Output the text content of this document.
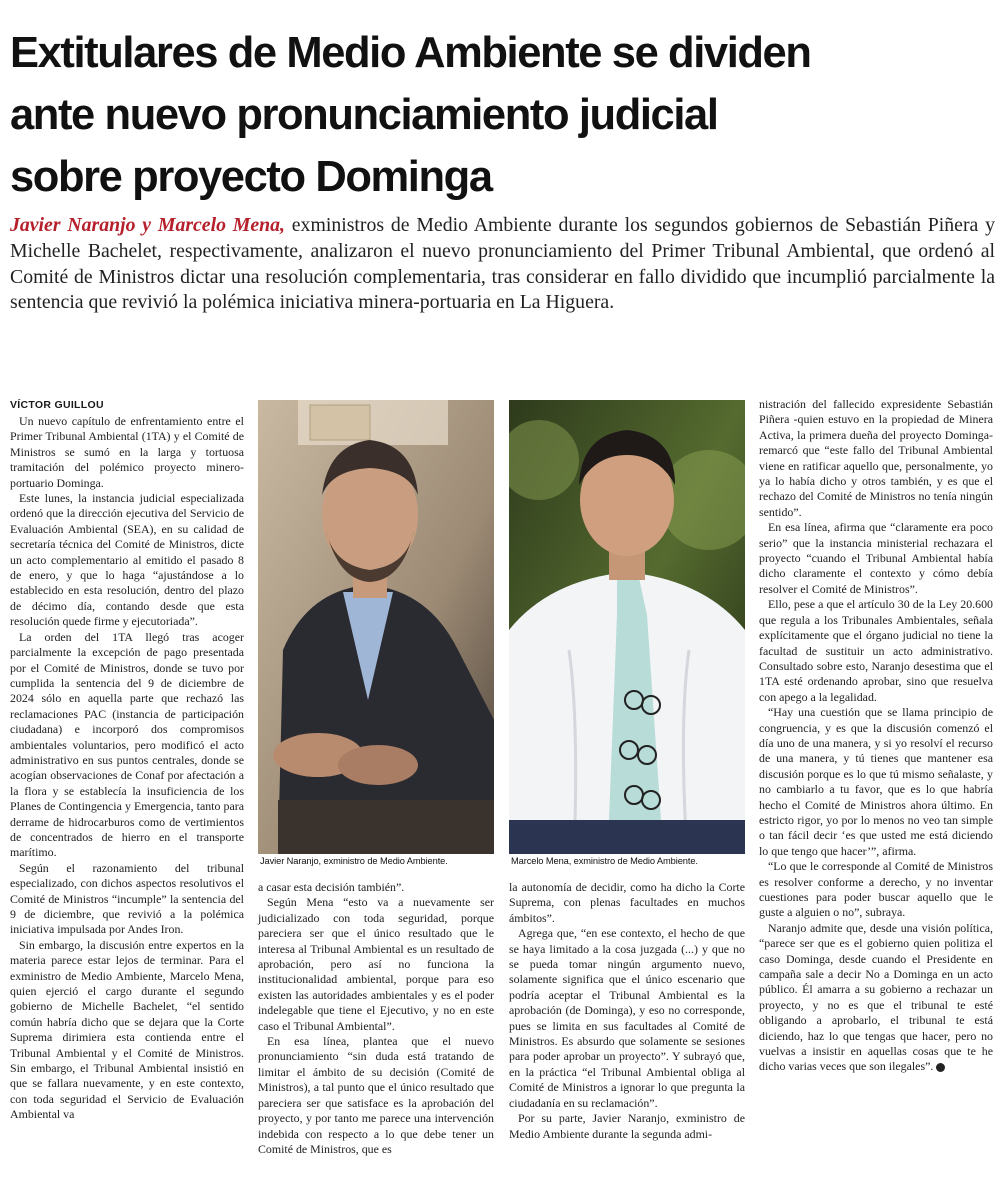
Extitulares de Medio Ambiente se dividen
ante nuevo pronunciamiento judicial
sobre proyecto Dominga

Javier Naranjo y Marcelo Mena, exministros de Medio Ambiente durante los segundos gobiernos de Sebastián Piñera y Michelle Bachelet, respectivamente, analizaron el nuevo pronunciamiento del Primer Tribunal Ambiental, que ordenó al Comité de Ministros dictar una resolución complementaria, tras considerar en fallo dividido que incumplió parcialmente la sentencia que revivió la polémica iniciativa minera-portuaria en La Higuera.

VÍCTOR GUILLOU

Un nuevo capítulo de enfrentamiento entre el Primer Tribunal Ambiental (1TA) y el Comité de Ministros se sumó en la larga y tortuosa tramitación del polémico proyecto minero-portuario Dominga.

Este lunes, la instancia judicial especializada ordenó que la dirección ejecutiva del Servicio de Evaluación Ambiental (SEA), en su calidad de secretaría técnica del Comité de Ministros, dicte un acto complementario al emitido el pasado 8 de enero, y que lo haga “ajustándose a lo establecido en esta resolución, dentro del plazo de décimo día, contando desde que esta resolución quede firme y ejecutoriada”.

La orden del 1TA llegó tras acoger parcialmente la excepción de pago presentada por el Comité de Ministros, donde se tuvo por cumplida la sentencia del 9 de diciembre de 2024 sólo en aquella parte que rechazó las reclamaciones PAC (instancia de participación ciudadana) e incorporó dos compromisos ambientales voluntarios, pero modificó el acto administrativo en sus puntos centrales, donde se acogían observaciones de Conaf por afectación a la flora y se establecía la insuficiencia de los Planes de Contingencia y Emergencia, tanto para derrame de hidrocarburos como de vertimientos de concentrados de hierro en el transporte marítimo.

Según el razonamiento del tribunal especializado, con dichos aspectos resolutivos el Comité de Ministros “incumple” la sentencia del 9 de diciembre, que revivió a la polémica iniciativa impulsada por Andes Iron.

Sin embargo, la discusión entre expertos en la materia parece estar lejos de terminar. Para el exministro de Medio Ambiente, Marcelo Mena, quien ejerció el cargo durante el segundo gobierno de Michelle Bachelet, “el sentido común habría dicho que se dejara que la Corte Suprema dirimiera esta contienda entre el Tribunal Ambiental y el Comité de Ministros. Sin embargo, el Tribunal Ambiental insistió en que se fallara nuevamente, y en este contexto, con toda seguridad el Servicio de Evaluación Ambiental va

Javier Naranjo, exministro de Medio Ambiente.	Marcelo Mena, exministro de Medio Ambiente.

a casar esta decisión también”.

Según Mena “esto va a nuevamente ser judicializado con toda seguridad, porque pareciera ser que el único resultado que le interesa al Tribunal Ambiental es un resultado de aprobación, pero así no funciona la institucionalidad ambiental, porque para eso existen las autoridades ambientales y es el poder indelegable que tiene el Ejecutivo, y no en este caso el Tribunal Ambiental”.

En esa línea, plantea que el nuevo pronunciamiento “sin duda está tratando de limitar el ámbito de su decisión (Comité de Ministros), a tal punto que el único resultado que pareciera ser que satisface es la aprobación del proyecto, y por tanto me parece una intervención indebida con respecto a lo que debe tener un Comité de Ministros, que es

la autonomía de decidir, como ha dicho la Corte Suprema, con plenas facultades en muchos ámbitos”.

Agrega que, “en ese contexto, el hecho de que se haya limitado a la cosa juzgada (...) y que no se pueda tomar ningún argumento nuevo, solamente significa que el único escenario que podría aceptar el Tribunal Ambiental es la aprobación (de Dominga), y eso no corresponde, pues se limita en sus facultades al Comité de Ministros. Es absurdo que solamente se sesiones para poder aprobar un proyecto”. Y subrayó que, en la práctica “el Tribunal Ambiental obliga al Comité de Ministros a ignorar lo que pregunta la ciudadanía en su reclamación”.

Por su parte, Javier Naranjo, exministro de Medio Ambiente durante la segunda admi-

nistración del fallecido expresidente Sebastián Piñera -quien estuvo en la propiedad de Minera Activa, la primera dueña del proyecto Dominga- remarcó que “este fallo del Tribunal Ambiental viene en ratificar aquello que, personalmente, yo ya lo había dicho y otros también, y es que el rechazo del Comité de Ministros no tenía ningún sentido”.

En esa línea, afirma que “claramente era poco serio” que la instancia ministerial rechazara el proyecto “cuando el Tribunal Ambiental había dicho claramente el contexto y cómo debía resolver el Comité de Ministros”.

Ello, pese a que el artículo 30 de la Ley 20.600 que regula a los Tribunales Ambientales, señala explícitamente que el órgano judicial no tiene la facultad de sustituir un acto administrativo. Consultado sobre esto, Naranjo desestima que el 1TA esté ordenando aprobar, sino que resuelva con apego a la legalidad.

“Hay una cuestión que se llama principio de congruencia, y es que la discusión comenzó el día uno de una manera, y si yo resolví el recurso de una manera, y tú tienes que mantener esa discusión porque es lo que tú mismo señalaste, y no cambiarlo a tu favor, que es lo que habría hecho el Comité de Ministros ahora último. En estricto rigor, yo por lo menos no veo tan simple o tan fácil decir ‘es que usted me está diciendo lo que tengo que hacer’”, afirma.

“Lo que le corresponde al Comité de Ministros es resolver conforme a derecho, y no inventar cuestiones para poder buscar aquello que le guste a alguien o no”, subraya.

Naranjo admite que, desde una visión política, “parece ser que es el gobierno quien politiza el caso Dominga, desde cuando el Presidente en campaña sale a decir No a Dominga en un acto público. Él amarra a su gobierno a rechazar un proyecto, y no es que el tribunal te esté obligando a aprobarlo, el tribunal te está diciendo, haz lo que tengas que hacer, pero no vuelvas a insistir en aquellas cosas que te he dicho varias veces que son ilegales”.
